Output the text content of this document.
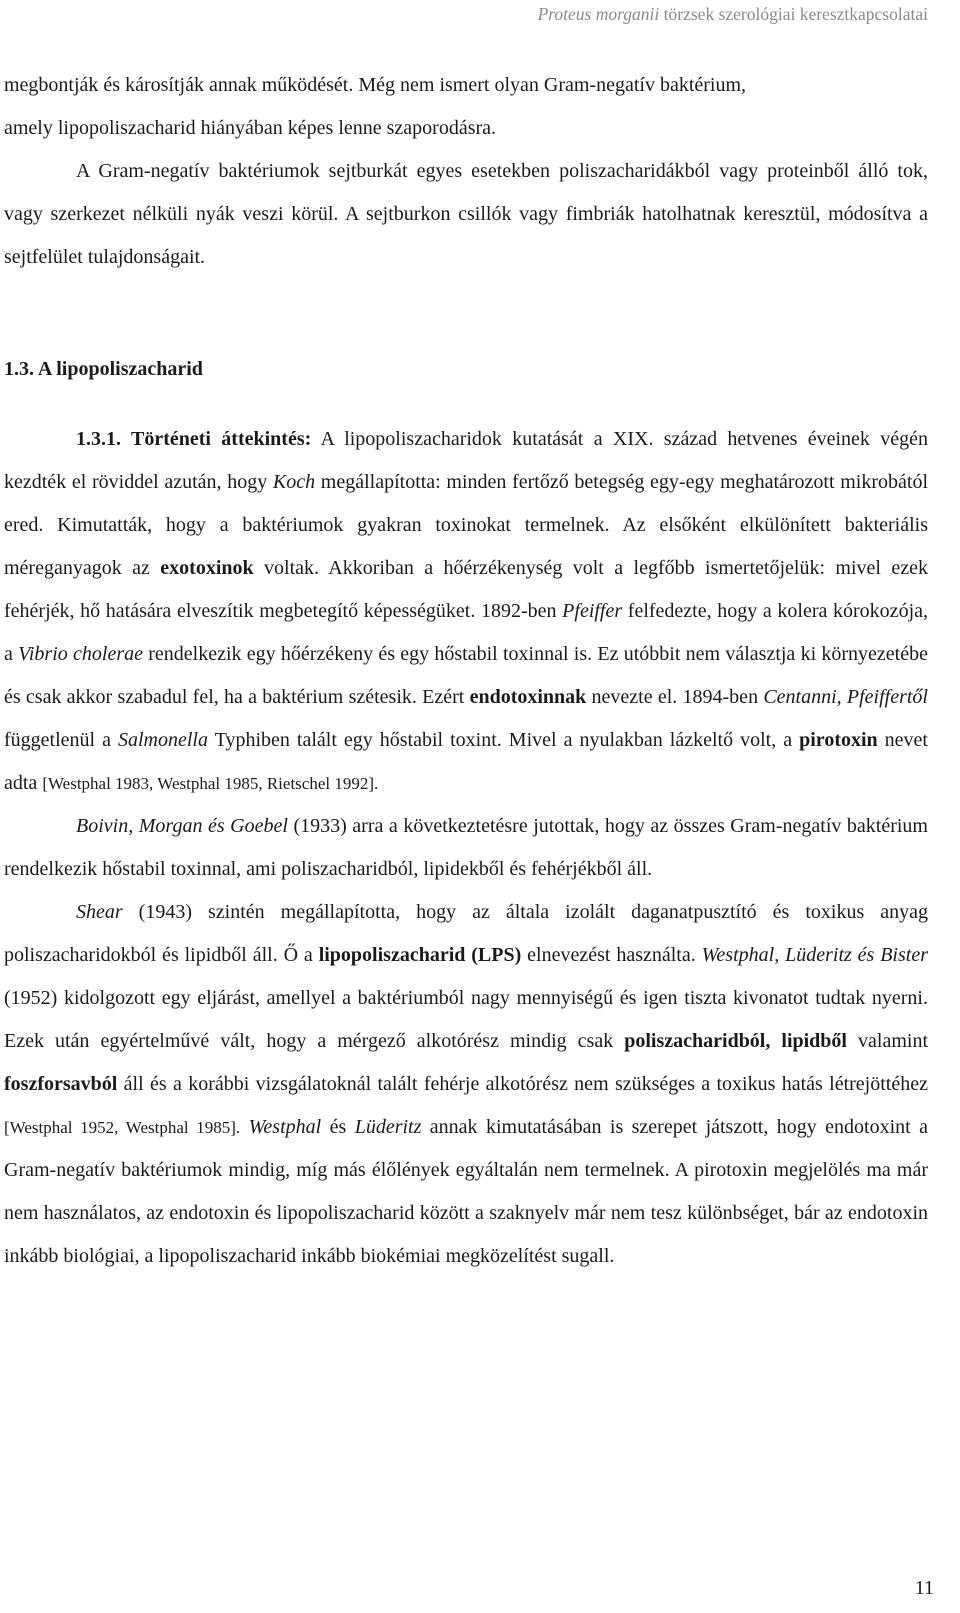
Proteus morganii törzsek szerológiai keresztkapcsolatai

megbontják és károsítják annak működését. Még nem ismert olyan Gram-negatív baktérium,

amely lipopoliszacharid hiányában képes lenne szaporodásra.

A Gram-negatív baktériumok sejtburkát egyes esetekben poliszacharidákból vagy proteinből álló tok, vagy szerkezet nélküli nyák veszi körül. A sejtburkon csillók vagy fimbriák hatolhatnak keresztül, módosítva a sejtfelület tulajdonságait.

1.3. A lipopoliszacharid

1.3.1. Történeti áttekintés: A lipopoliszacharidok kutatását a XIX. század hetvenes éveinek végén kezdték el röviddel azután, hogy Koch megállapította: minden fertőző betegség egy-egy meghatározott mikrobától ered. Kimutatták, hogy a baktériumok gyakran toxinokat termelnek. Az elsőként elkülönített bakteriális méreganyagok az exotoxinok voltak. Akkoriban a hőérzékenység volt a legfőbb ismertetőjelük: mivel ezek fehérjék, hő hatására elveszítik megbetegítő képességüket. 1892-ben Pfeiffer felfedezte, hogy a kolera kórokozója, a Vibrio cholerae rendelkezik egy hőérzékeny és egy hőstabil toxinnal is. Ez utóbbit nem választja ki környezetébe és csak akkor szabadul fel, ha a baktérium szétesik. Ezért endotoxinnak nevezte el. 1894-ben Centanni, Pfeiffertől függetlenül a Salmonella Typhiben talált egy hőstabil toxint. Mivel a nyulakban lázkeltő volt, a pirotoxin nevet adta [Westphal 1983, Westphal 1985, Rietschel 1992].

Boivin, Morgan és Goebel (1933) arra a következtetésre jutottak, hogy az összes Gram-negatív baktérium rendelkezik hőstabil toxinnal, ami poliszacharidból, lipidekből és fehérjékből áll.

Shear (1943) szintén megállapította, hogy az általa izolált daganatpusztító és toxikus anyag poliszacharidokból és lipidből áll. Ő a lipopoliszacharid (LPS) elnevezést használta. Westphal, Lüderitz és Bister (1952) kidolgozott egy eljárást, amellyel a baktériumból nagy mennyiségű és igen tiszta kivonatot tudtak nyerni. Ezek után egyértelművé vált, hogy a mérgező alkotórész mindig csak poliszacharidból, lipidből valamint foszforsavból áll és a korábbi vizsgálatoknál talált fehérje alkotórész nem szükséges a toxikus hatás létrejöttéhez [Westphal 1952, Westphal 1985]. Westphal és Lüderitz annak kimutatásában is szerepet játszott, hogy endotoxint a Gram-negatív baktériumok mindig, míg más élőlények egyáltalán nem termelnek. A pirotoxin megjelölés ma már nem használatos, az endotoxin és lipopoliszacharid között a szaknyelv már nem tesz különbséget, bár az endotoxin inkább biológiai, a lipopoliszacharid inkább biokémiai megközelítést sugall.

11
